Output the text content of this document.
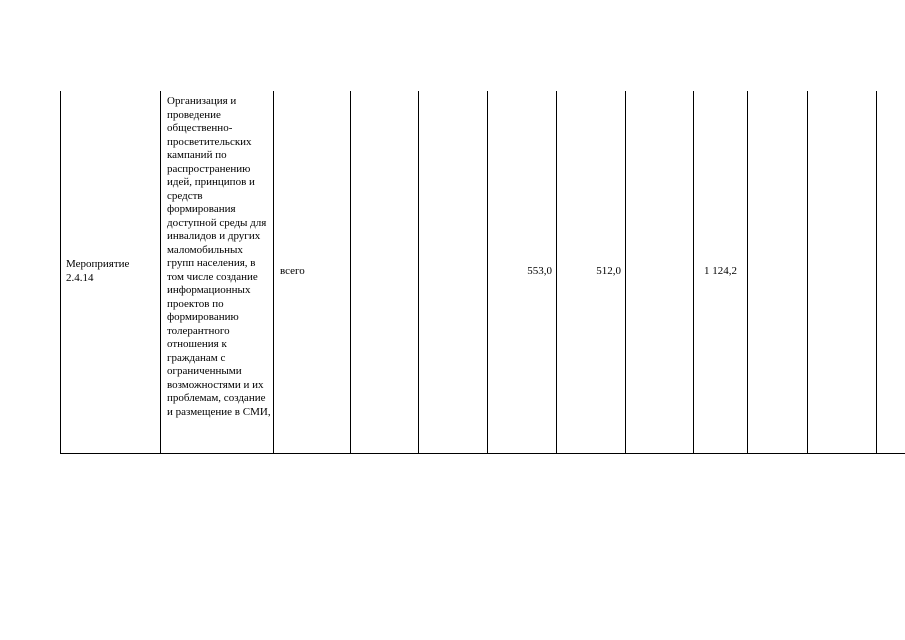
Мероприятие 2.4.14	Организация и проведение общественно-просветительских кампаний по распространению идей, принципов и средств формирования доступной среды для инвалидов и других маломобильных групп населения, в том числе создание информационных проектов по формированию толерантного отношения к гражданам с ограниченными возможностями и их проблемам, создание и размещение в СМИ,	всего			553,0	512,0		1 124,2			
